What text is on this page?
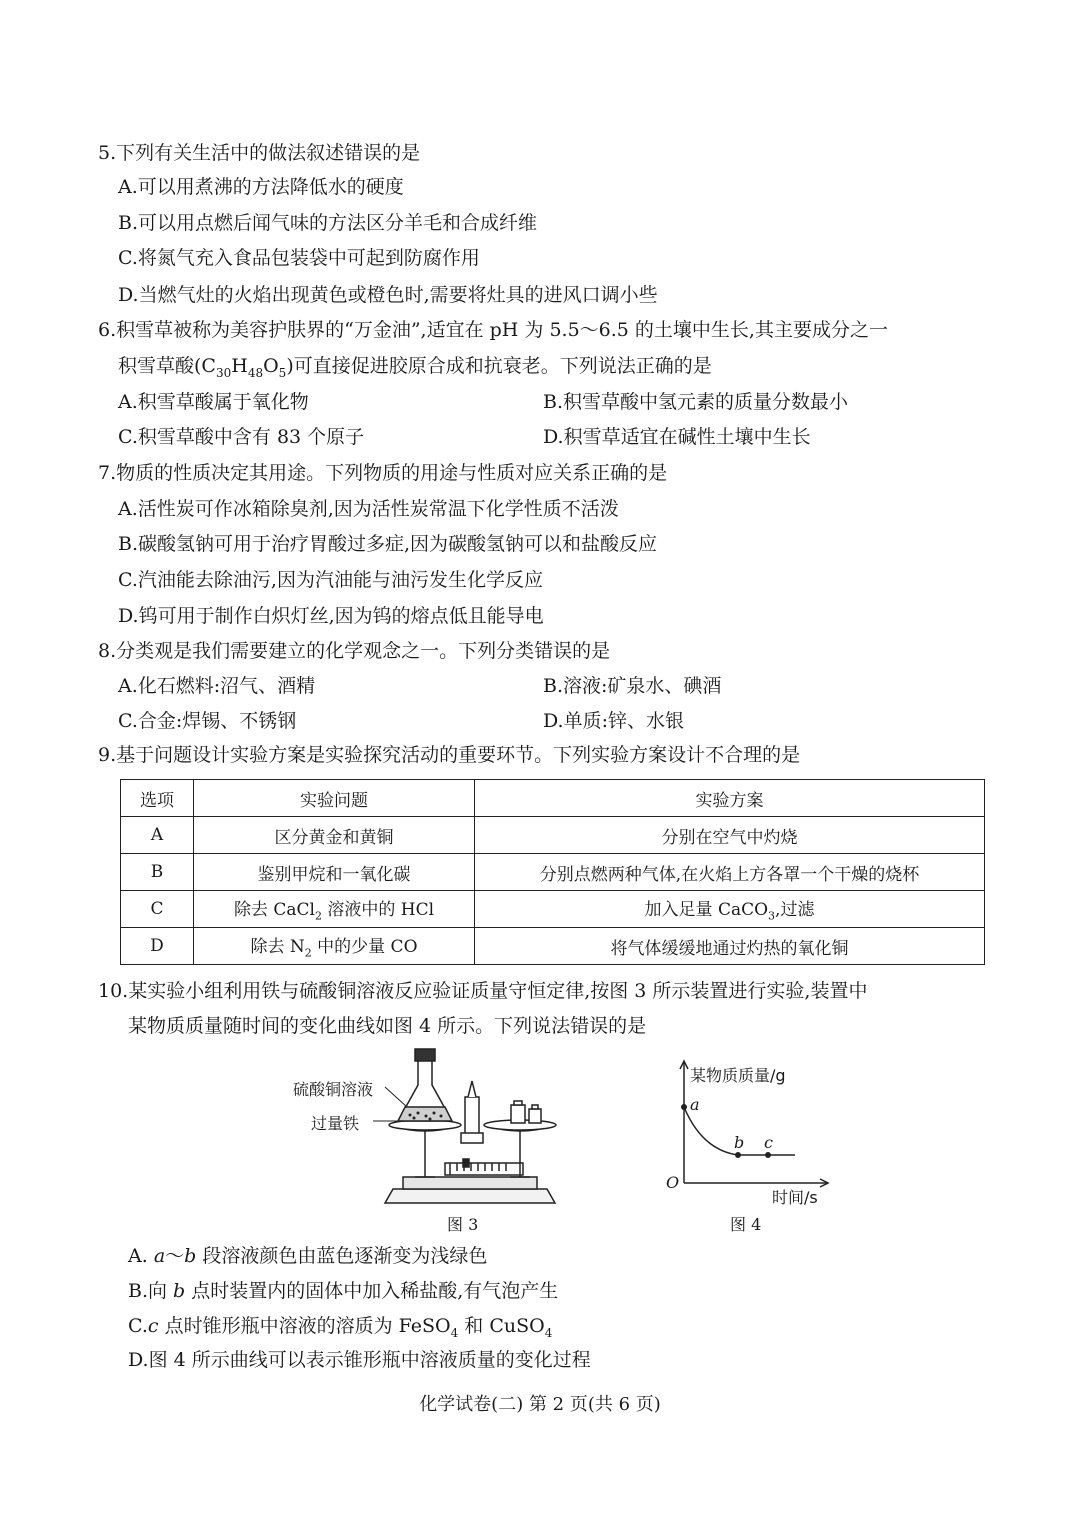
5.下列有关生活中的做法叙述错误的是
A.可以用煮沸的方法降低水的硬度
B.可以用点燃后闻气味的方法区分羊毛和合成纤维
C.将氮气充入食品包装袋中可起到防腐作用
D.当燃气灶的火焰出现黄色或橙色时,需要将灶具的进风口调小些
6.积雪草被称为美容护肤界的“万金油”,适宜在 pH 为 5.5～6.5 的土壤中生长,其主要成分之一
积雪草酸$(C_{30}H_{48}O_5)$可直接促进胶原合成和抗衰老。下列说法正确的是
A.积雪草酸属于氧化物	B.积雪草酸中氢元素的质量分数最小
C.积雪草酸中含有 83 个原子	D.积雪草适宜在碱性土壤中生长
7.物质的性质决定其用途。下列物质的用途与性质对应关系正确的是
A.活性炭可作冰箱除臭剂,因为活性炭常温下化学性质不活泼
B.碳酸氢钠可用于治疗胃酸过多症,因为碳酸氢钠可以和盐酸反应
C.汽油能去除油污,因为汽油能与油污发生化学反应
D.钨可用于制作白炽灯丝,因为钨的熔点低且能导电
8.分类观是我们需要建立的化学观念之一。下列分类错误的是
A.化石燃料:沼气、酒精	B.溶液:矿泉水、碘酒
C.合金:焊锡、不锈钢	D.单质:锌、水银
9.基于问题设计实验方案是实验探究活动的重要环节。下列实验方案设计不合理的是
选项	实验问题	实验方案
A	区分黄金和黄铜	分别在空气中灼烧
B	鉴别甲烷和一氧化碳	分别点燃两种气体,在火焰上方各罩一个干燥的烧杯
C	除去 CaCl$_2$ 溶液中的 HCl	加入足量 CaCO$_3$,过滤
D	除去 $N_2$ 中的少量 CO	将气体缓缓地通过灼热的氧化铜
10.某实验小组利用铁与硫酸铜溶液反应验证质量守恒定律,按图 3 所示装置进行实验,装置中
某物质质量随时间的变化曲线如图 4 所示。下列说法错误的是
硫酸铜溶液
过量铁
图 3
某物质质量/g
a
b c
O
时间/s
图 4
A. a～b 段溶液颜色由蓝色逐渐变为浅绿色
B.向 b 点时装置内的固体中加入稀盐酸,有气泡产生
C.c 点时锥形瓶中溶液的溶质为 FeSO$_4$ 和 CuSO$_4$
D.图 4 所示曲线可以表示锥形瓶中溶液质量的变化过程
化学试卷(二) 第 2 页(共 6 页)
